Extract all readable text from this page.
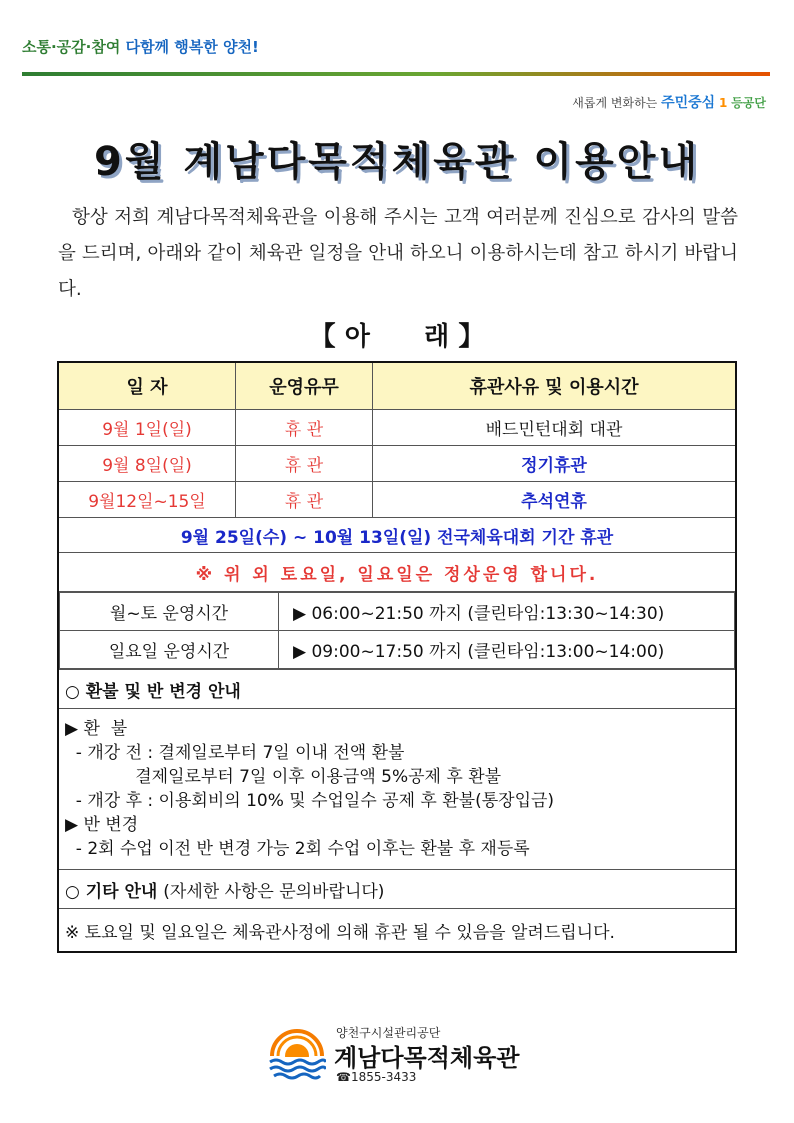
소통·공감·참여 다함께 행복한 양천!
새롭게 변화하는 주민중심 1 등공단
9월 계남다목적체육관 이용안내
항상 저희 계남다목적체육관을 이용해 주시는 고객 여러분께 진심으로 감사의 말씀을 드리며, 아래와 같이 체육관 일정을 안내 하오니 이용하시는데 참고 하시기 바랍니다.
【 아      래 】
일 자	운영유무	휴관사유 및 이용시간
9월 1일(일)	휴 관	배드민턴대회 대관
9월 8일(일)	휴 관	정기휴관
9월12일~15일	휴 관	추석연휴
9월 25일(수) ~ 10월 13일(일) 전국체육대회 기간 휴관
※ 위 외 토요일, 일요일은 정상운영 합니다.

월~토 운영시간	▶ 06:00~21:50 까지 (클린타임:13:30~14:30)
일요일 운영시간	▶ 09:00~17:50 까지 (클린타임:13:00~14:00)

○ 환불 및 반 변경 안내

▶ 환  불
- 개강 전 : 결제일로부터 7일 이내 전액 환불
결제일로부터 7일 이후 이용금액 5%공제 후 환불
- 개강 후 : 이용회비의 10% 및 수업일수 공제 후 환불(통장입금)
▶ 반 변경
- 2회 수업 이전 반 변경 가능 2회 수업 이후는 환불 후 재등록

○ 기타 안내 (자세한 사항은 문의바랍니다)
※ 토요일 및 일요일은 체육관사정에 의해 휴관 될 수 있음을 알려드립니다.
양천구시설관리공단
계남다목적체육관
☎1855-3433
